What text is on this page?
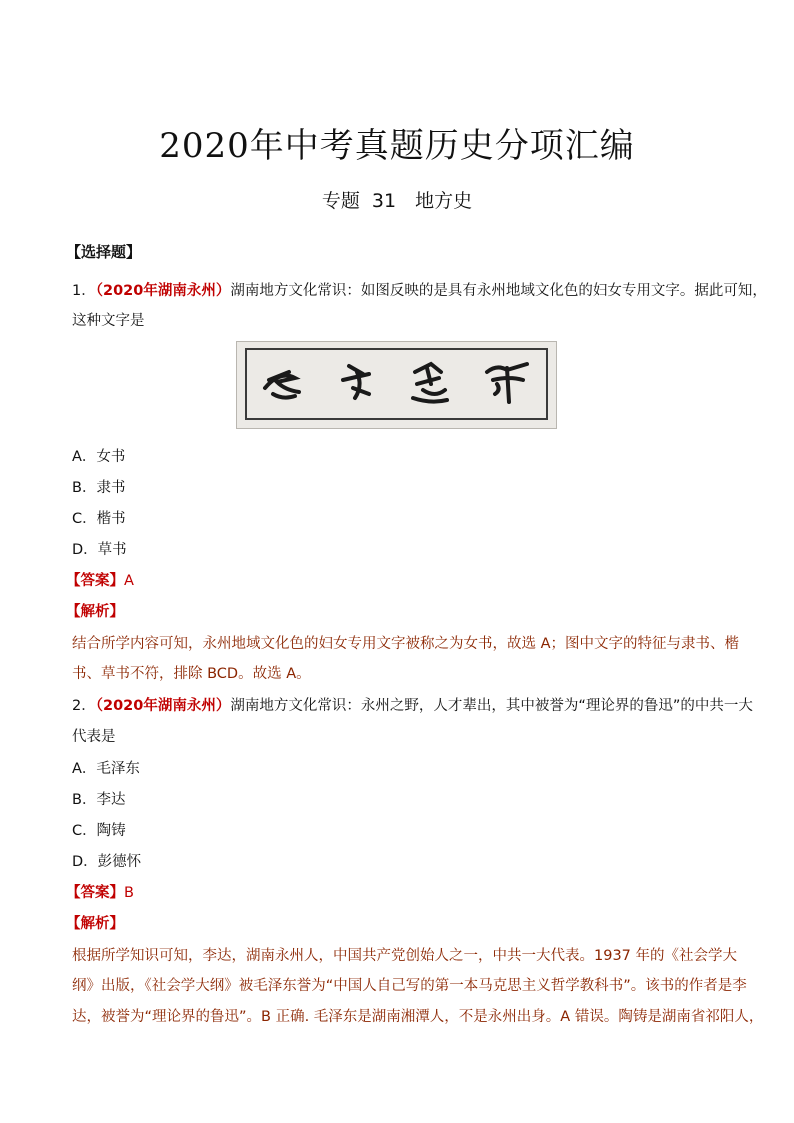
2020年中考真题历史分项汇编
专题 31　地方史
【选择题】
1．（2020年湖南永州）湖南地方文化常识：如图反映的是具有永州地域文化色的妇女专用文字。据此可知，
这种文字是
A．女书
B．隶书
C．楷书
D．草书
【答案】A
【解析】
结合所学内容可知，永州地域文化色的妇女专用文字被称之为女书，故选 A；图中文字的特征与隶书、楷
书、草书不符，排除 BCD。故选 A。
2．（2020年湖南永州）湖南地方文化常识：永州之野，人才辈出，其中被誉为“理论界的鲁迅”的中共一大
代表是
A．毛泽东
B．李达
C．陶铸
D．彭德怀
【答案】B
【解析】
根据所学知识可知，李达，湖南永州人，中国共产党创始人之一，中共一大代表。1937 年的《社会学大
纲》出版，《社会学大纲》被毛泽东誉为“中国人自己写的第一本马克思主义哲学教科书”。该书的作者是李
达，被誉为“理论界的鲁迅”。B 正确. 毛泽东是湖南湘潭人，不是永州出身。A 错误。陶铸是湖南省祁阳人，
